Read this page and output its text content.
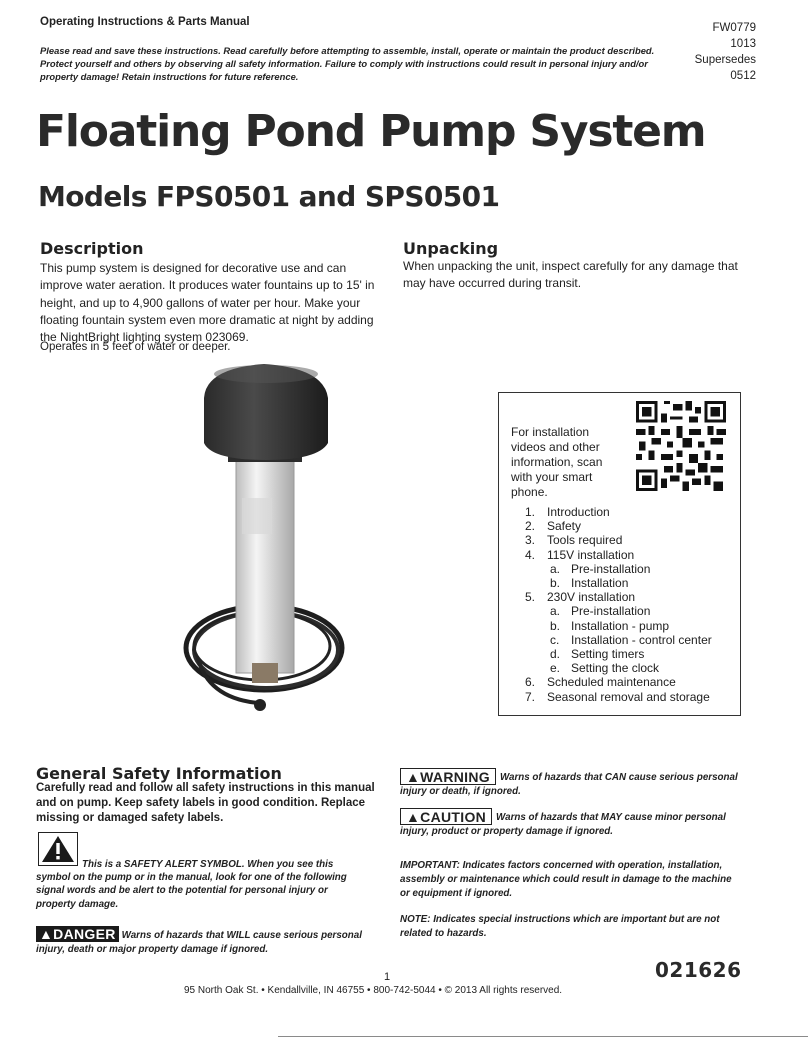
Operating Instructions & Parts Manual
Please read and save these instructions. Read carefully before attempting to assemble, install, operate or maintain the product described. Protect yourself and others by observing all safety information. Failure to comply with instructions could result in personal injury and/or property damage! Retain instructions for future reference.
FW0779
1013
Supersedes
0512
Floating Pond Pump System
Models FPS0501 and SPS0501
Description
This pump system is designed for decorative use and can improve water aeration. It produces water fountains up to 15' in height, and up to 4,900 gallons of water per hour. Make your floating fountain system even more dramatic at night by adding the NightBright lighting system 023069.
Operates in 5 feet of water or deeper.
Unpacking
When unpacking the unit, inspect carefully for any damage that may have occurred during transit.
For installation videos and other information, scan with your smart phone.
1. Introduction
2. Safety
3. Tools required
4. 115V installation
a. Pre-installation
b. Installation
5. 230V installation
a. Pre-installation
b. Installation - pump
c. Installation - control center
d. Setting timers
e. Setting the clock
6. Scheduled maintenance
7. Seasonal removal and storage
General Safety Information
Carefully read and follow all safety instructions in this manual and on pump. Keep safety labels in good condition. Replace missing or damaged safety labels.
This is a SAFETY ALERT SYMBOL. When you see this symbol on the pump or in the manual, look for one of the following signal words and be alert to the potential for personal injury or property damage.
▲DANGER Warns of hazards that WILL cause serious personal injury, death or major property damage if ignored.
▲WARNING Warns of hazards that CAN cause serious personal injury or death, if ignored.
▲CAUTION Warns of hazards that MAY cause minor personal injury, product or property damage if ignored.
IMPORTANT: Indicates factors concerned with operation, installation, assembly or maintenance which could result in damage to the machine or equipment if ignored.
NOTE: Indicates special instructions which are important but are not related to hazards.
1
95 North Oak St. • Kendallville, IN 46755 • 800-742-5044 • © 2013 All rights reserved.
021626
